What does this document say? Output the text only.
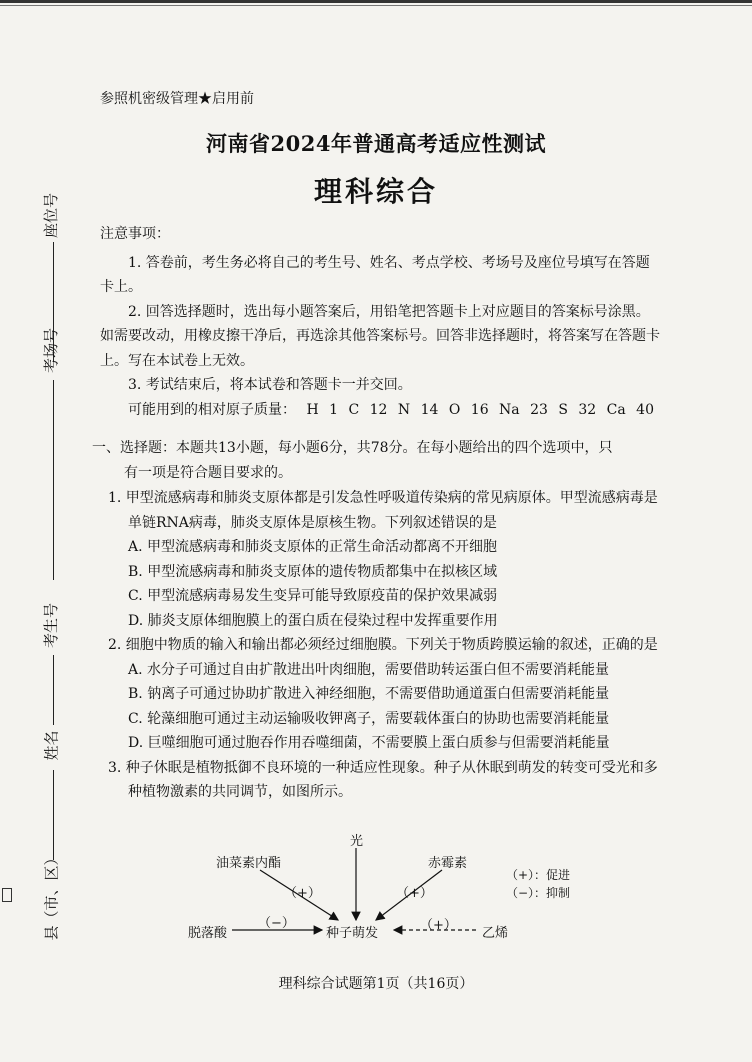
座位号
考场号
考生号
姓名
县（市、区）
参照机密级管理★启用前
河南省2024年普通高考适应性测试
理科综合

注意事项：

1. 答卷前，考生务必将自己的考生号、姓名、考点学校、考场号及座位号填写在答题卡上。

2. 回答选择题时，选出每小题答案后，用铅笔把答题卡上对应题目的答案标号涂黑。如需要改动，用橡皮擦干净后，再选涂其他答案标号。回答非选择题时，将答案写在答题卡上。写在本试卷上无效。

3. 考试结束后，将本试卷和答题卡一并交回。

可能用到的相对原子质量： H 1 C 12 N 14 O 16 Na 23 S 32 Ca 40

一、选择题：本题共13小题，每小题6分，共78分。在每小题给出的四个选项中，只
有一项是符合题目要求的。
1. 甲型流感病毒和肺炎支原体都是引发急性呼吸道传染病的常见病原体。甲型流感病毒是单链RNA病毒，肺炎支原体是原核生物。下列叙述错误的是
A. 甲型流感病毒和肺炎支原体的正常生命活动都离不开细胞
B. 甲型流感病毒和肺炎支原体的遗传物质都集中在拟核区域
C. 甲型流感病毒易发生变异可能导致原疫苗的保护效果减弱
D. 肺炎支原体细胞膜上的蛋白质在侵染过程中发挥重要作用
2. 细胞中物质的输入和输出都必须经过细胞膜。下列关于物质跨膜运输的叙述，正确的是
A. 水分子可通过自由扩散进出叶肉细胞，需要借助转运蛋白但不需要消耗能量
B. 钠离子可通过协助扩散进入神经细胞，不需要借助通道蛋白但需要消耗能量
C. 轮藻细胞可通过主动运输吸收钾离子，需要载体蛋白的协助也需要消耗能量
D. 巨噬细胞可通过胞吞作用吞噬细菌，不需要膜上蛋白质参与但需要消耗能量
3. 种子休眠是植物抵御不良环境的一种适应性现象。种子从休眠到萌发的转变可受光和多种植物激素的共同调节，如图所示。
光
油菜素内酯	赤霉素
（+）	（+）
脱落酸
（−）
种子萌发
（+）
乙烯
（+）：促进
（−）：抑制
理科综合试题第1页（共16页）
